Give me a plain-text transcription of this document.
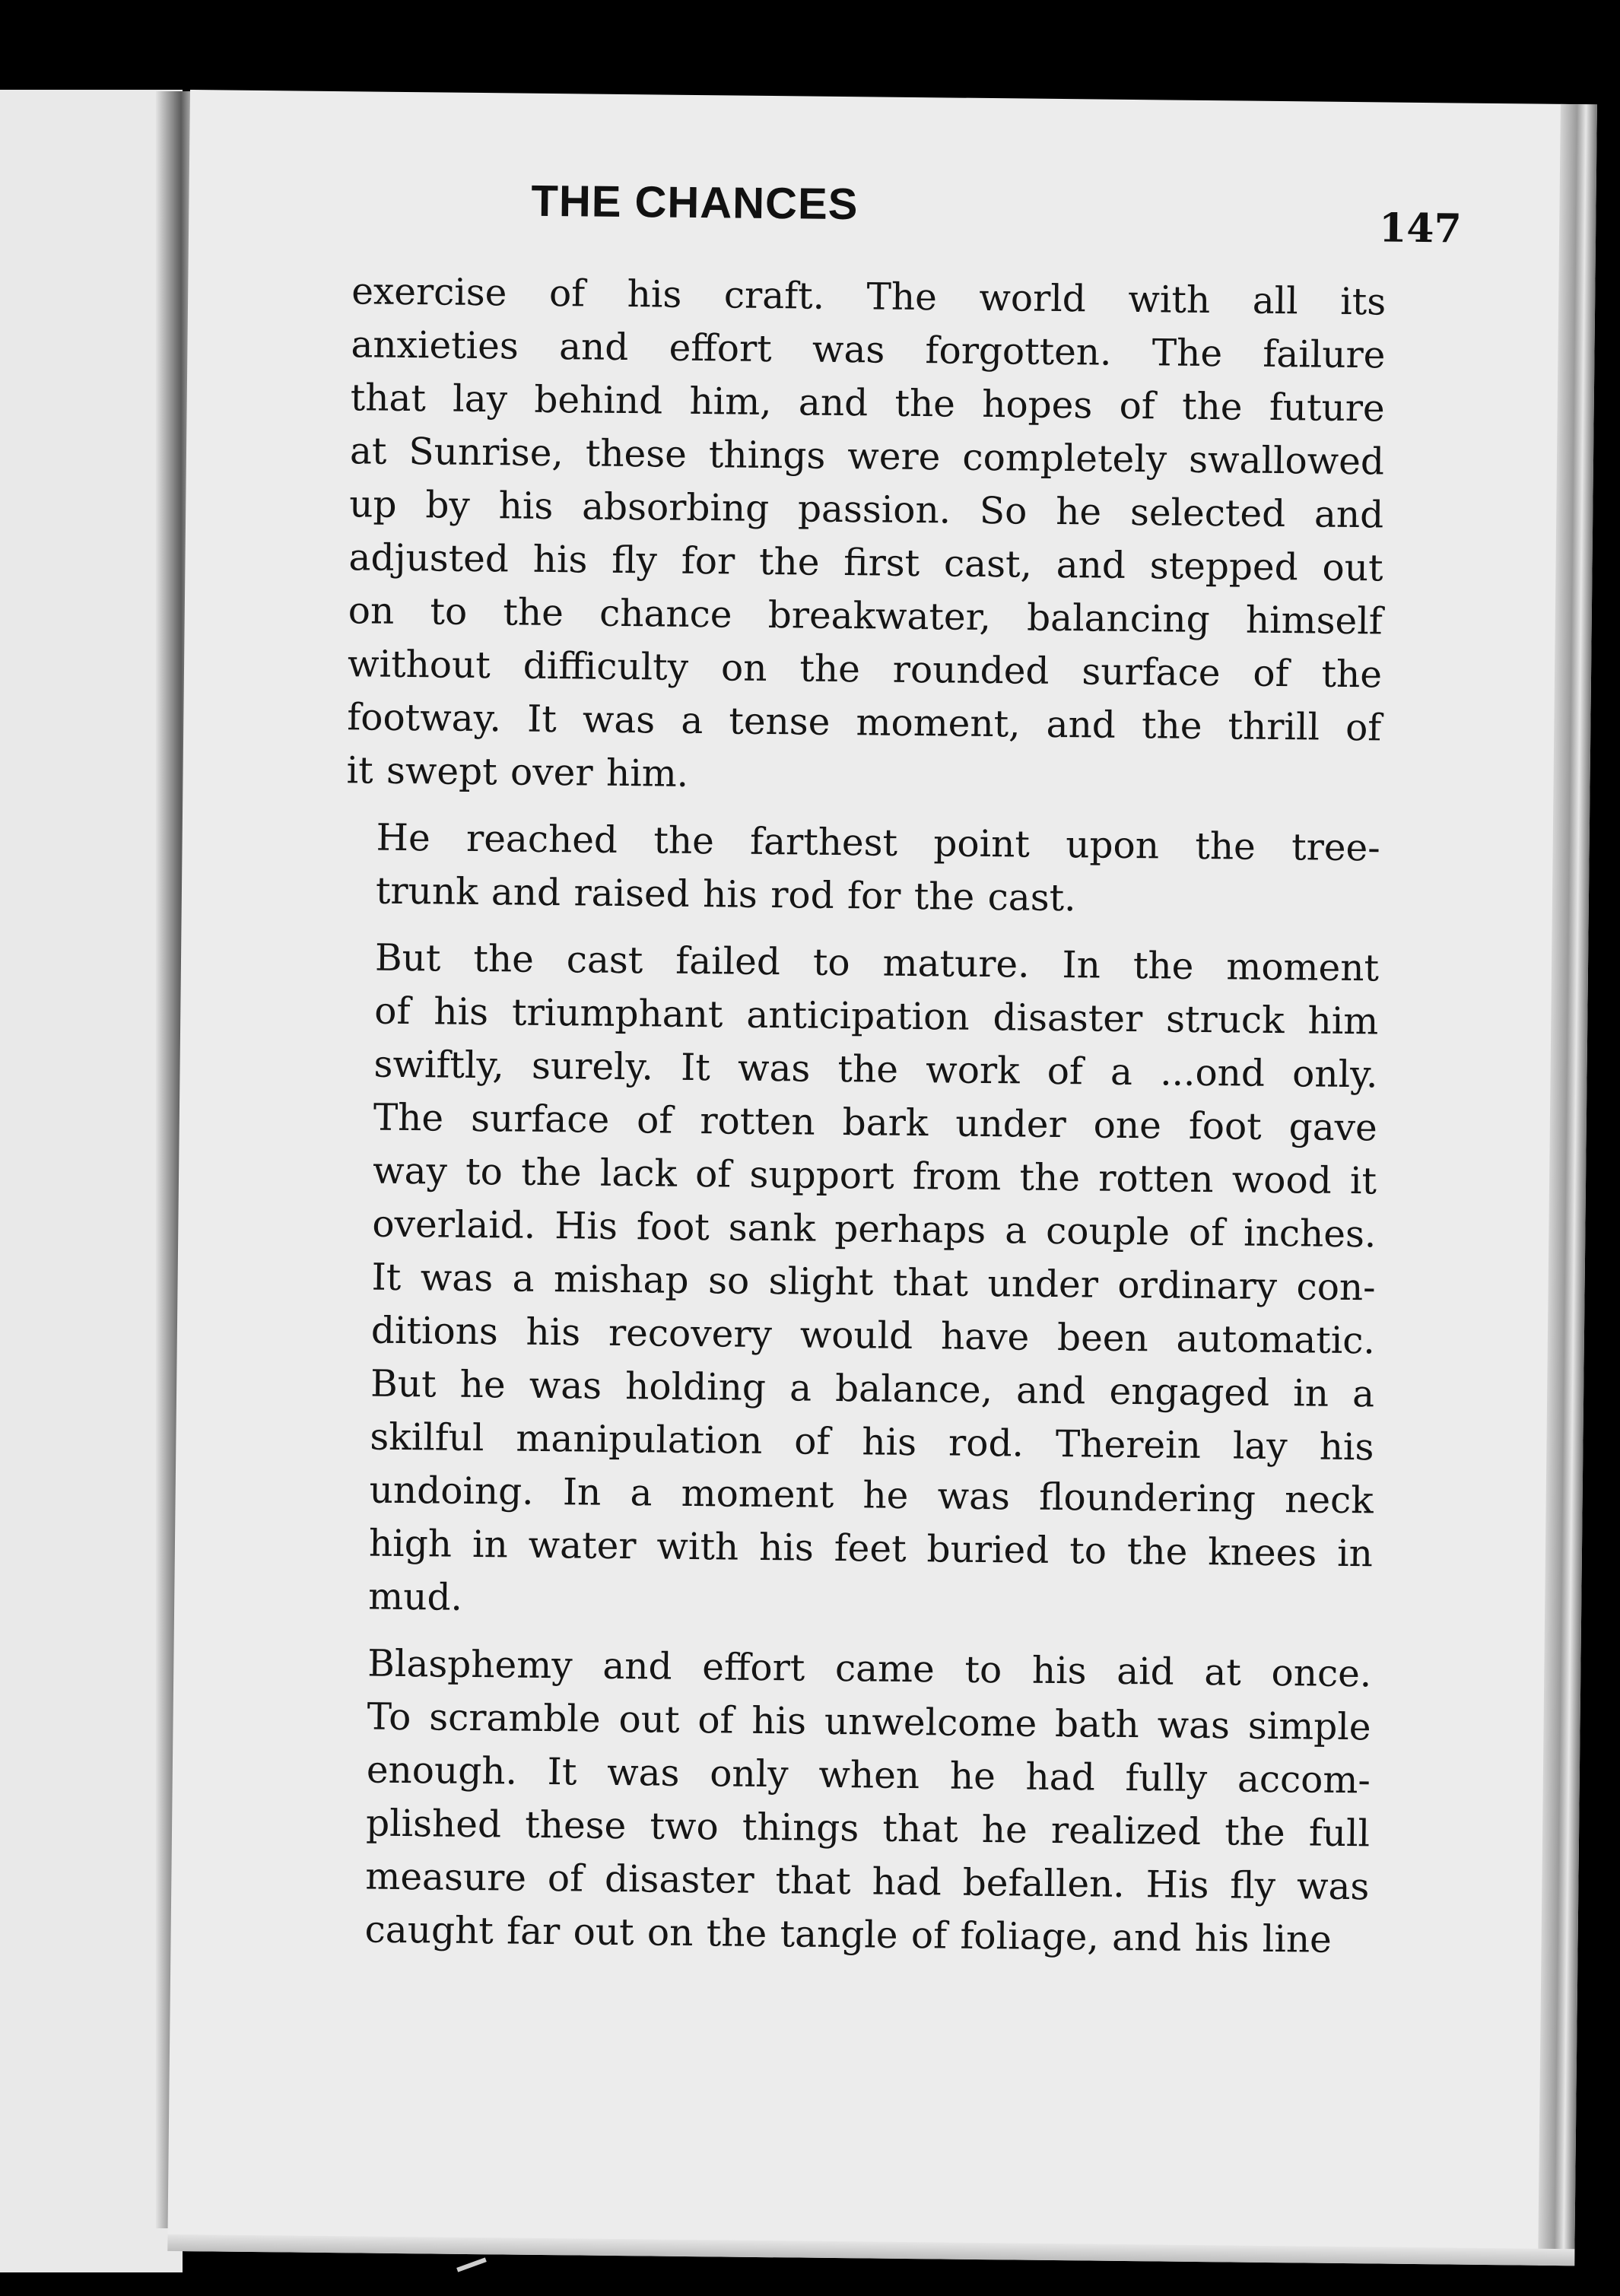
THE CHANCES	147
exercise of his craft. The world with all its
anxieties and effort was forgotten. The failure
that lay behind him, and the hopes of the future
at Sunrise, these things were completely swallowed
up by his absorbing passion. So he selected and
adjusted his fly for the first cast, and stepped out
on to the chance breakwater, balancing himself
without difficulty on the rounded surface of the
footway. It was a tense moment, and the thrill of
it swept over him.
He reached the farthest point upon the tree-
trunk and raised his rod for the cast.
But the cast failed to mature. In the moment
of his triumphant anticipation disaster struck him
swiftly, surely. It was the work of a ...ond only.
The surface of rotten bark under one foot gave
way to the lack of support from the rotten wood it
overlaid. His foot sank perhaps a couple of inches.
It was a mishap so slight that under ordinary con-
ditions his recovery would have been automatic.
But he was holding a balance, and engaged in a
skilful manipulation of his rod. Therein lay his
undoing. In a moment he was floundering neck
high in water with his feet buried to the knees in
mud.
Blasphemy and effort came to his aid at once.
To scramble out of his unwelcome bath was simple
enough. It was only when he had fully accom-
plished these two things that he realized the full
measure of disaster that had befallen. His fly was
caught far out on the tangle of foliage, and his line
